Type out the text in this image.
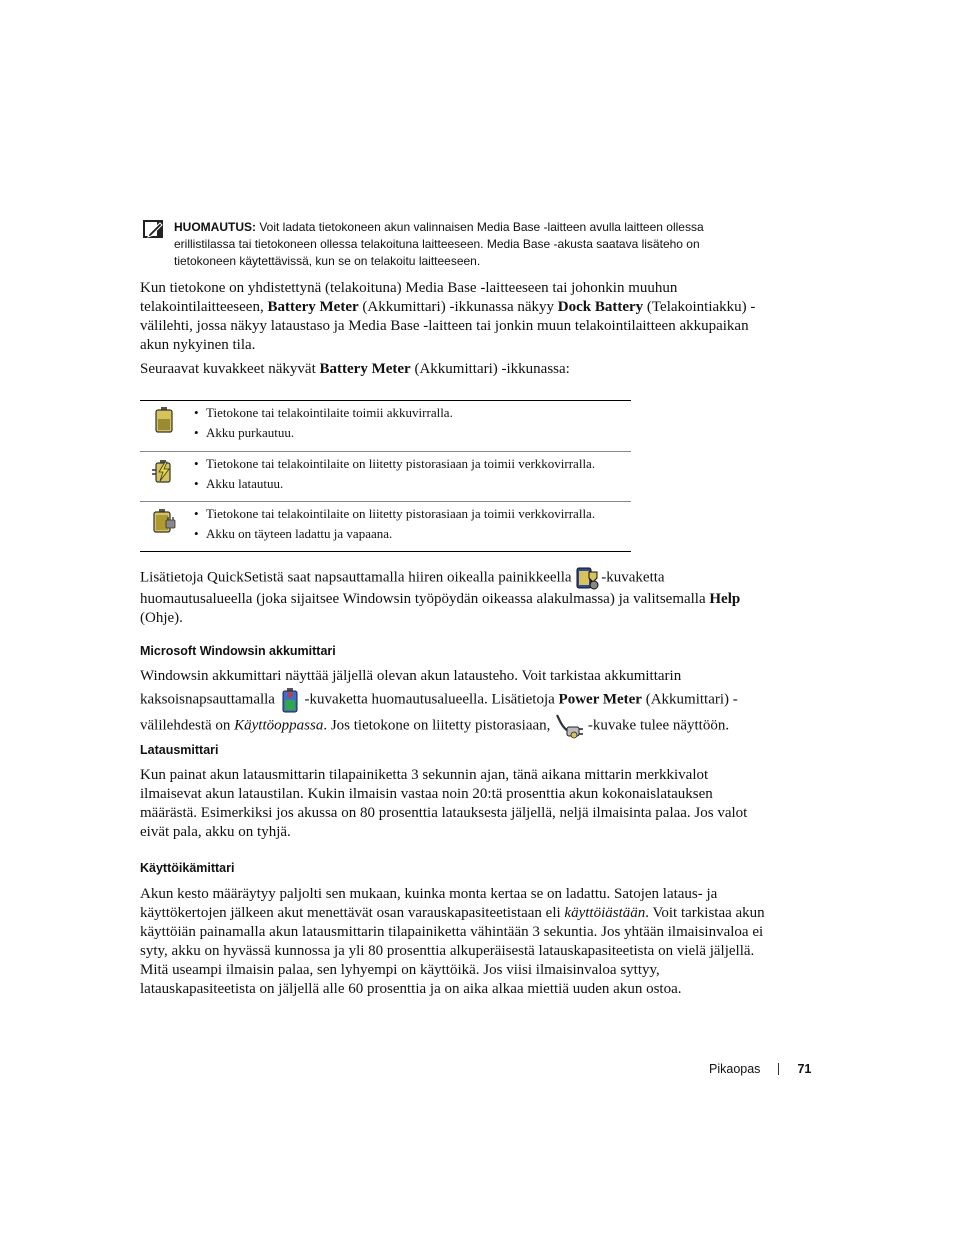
HUOMAUTUS: Voit ladata tietokoneen akun valinnaisen Media Base -laitteen avulla laitteen ollessa erillistilassa tai tietokoneen ollessa telakoituna laitteeseen. Media Base -akusta saatava lisäteho on tietokoneen käytettävissä, kun se on telakoitu laitteeseen.

Kun tietokone on yhdistettynä (telakoituna) Media Base -laitteeseen tai johonkin muuhun telakointilaitteeseen, Battery Meter (Akkumittari) -ikkunassa näkyy Dock Battery (Telakointiakku) -välilehti, jossa näkyy lataustaso ja Media Base -laitteen tai jonkin muun telakointilaitteen akkupaikan akun nykyinen tila.

Seuraavat kuvakkeet näkyvät Battery Meter (Akkumittari) -ikkunassa:

• Tietokone tai telakointilaite toimii akkuvirralla.
• Akku purkautuu.
• Tietokone tai telakointilaite on liitetty pistorasiaan ja toimii verkkovirralla.
• Akku latautuu.
• Tietokone tai telakointilaite on liitetty pistorasiaan ja toimii verkkovirralla.
• Akku on täyteen ladattu ja vapaana.

Lisätietoja QuickSetistä saat napsauttamalla hiiren oikealla painikkeella -kuvaketta huomautusalueella (joka sijaitsee Windowsin työpöydän oikeassa alakulmassa) ja valitsemalla Help (Ohje).

Microsoft Windowsin akkumittari

Windowsin akkumittari näyttää jäljellä olevan akun latausteho. Voit tarkistaa akkumittarin kaksoisnapsauttamalla  -kuvaketta huomautusalueella. Lisätietoja Power Meter (Akkumittari) -välilehdestä on Käyttöoppassa. Jos tietokone on liitetty pistorasiaan,  -kuvake tulee näyttöön.

Latausmittari

Kun painat akun latausmittarin tilapainiketta 3 sekunnin ajan, tänä aikana mittarin merkkivalot ilmaisevat akun lataustilan. Kukin ilmaisin vastaa noin 20:tä prosenttia akun kokonaislatauksen määrästä. Esimerkiksi jos akussa on 80 prosenttia latauksesta jäljellä, neljä ilmaisinta palaa. Jos valot eivät pala, akku on tyhjä.

Käyttöikämittari

Akun kesto määräytyy paljolti sen mukaan, kuinka monta kertaa se on ladattu. Satojen lataus- ja käyttökertojen jälkeen akut menettävät osan varauskapasiteetistaan eli käyttöiästään. Voit tarkistaa akun käyttöiän painamalla akun latausmittarin tilapainiketta vähintään 3 sekuntia. Jos yhtään ilmaisinvaloa ei syty, akku on hyvässä kunnossa ja yli 80 prosenttia alkuperäisestä latauskapasiteetista on vielä jäljellä. Mitä useampi ilmaisin palaa, sen lyhyempi on käyttöikä. Jos viisi ilmaisinvaloa syttyy, latauskapasiteetista on jäljellä alle 60 prosenttia ja on aika alkaa miettiä uuden akun ostoa.

Pikaopas	71
